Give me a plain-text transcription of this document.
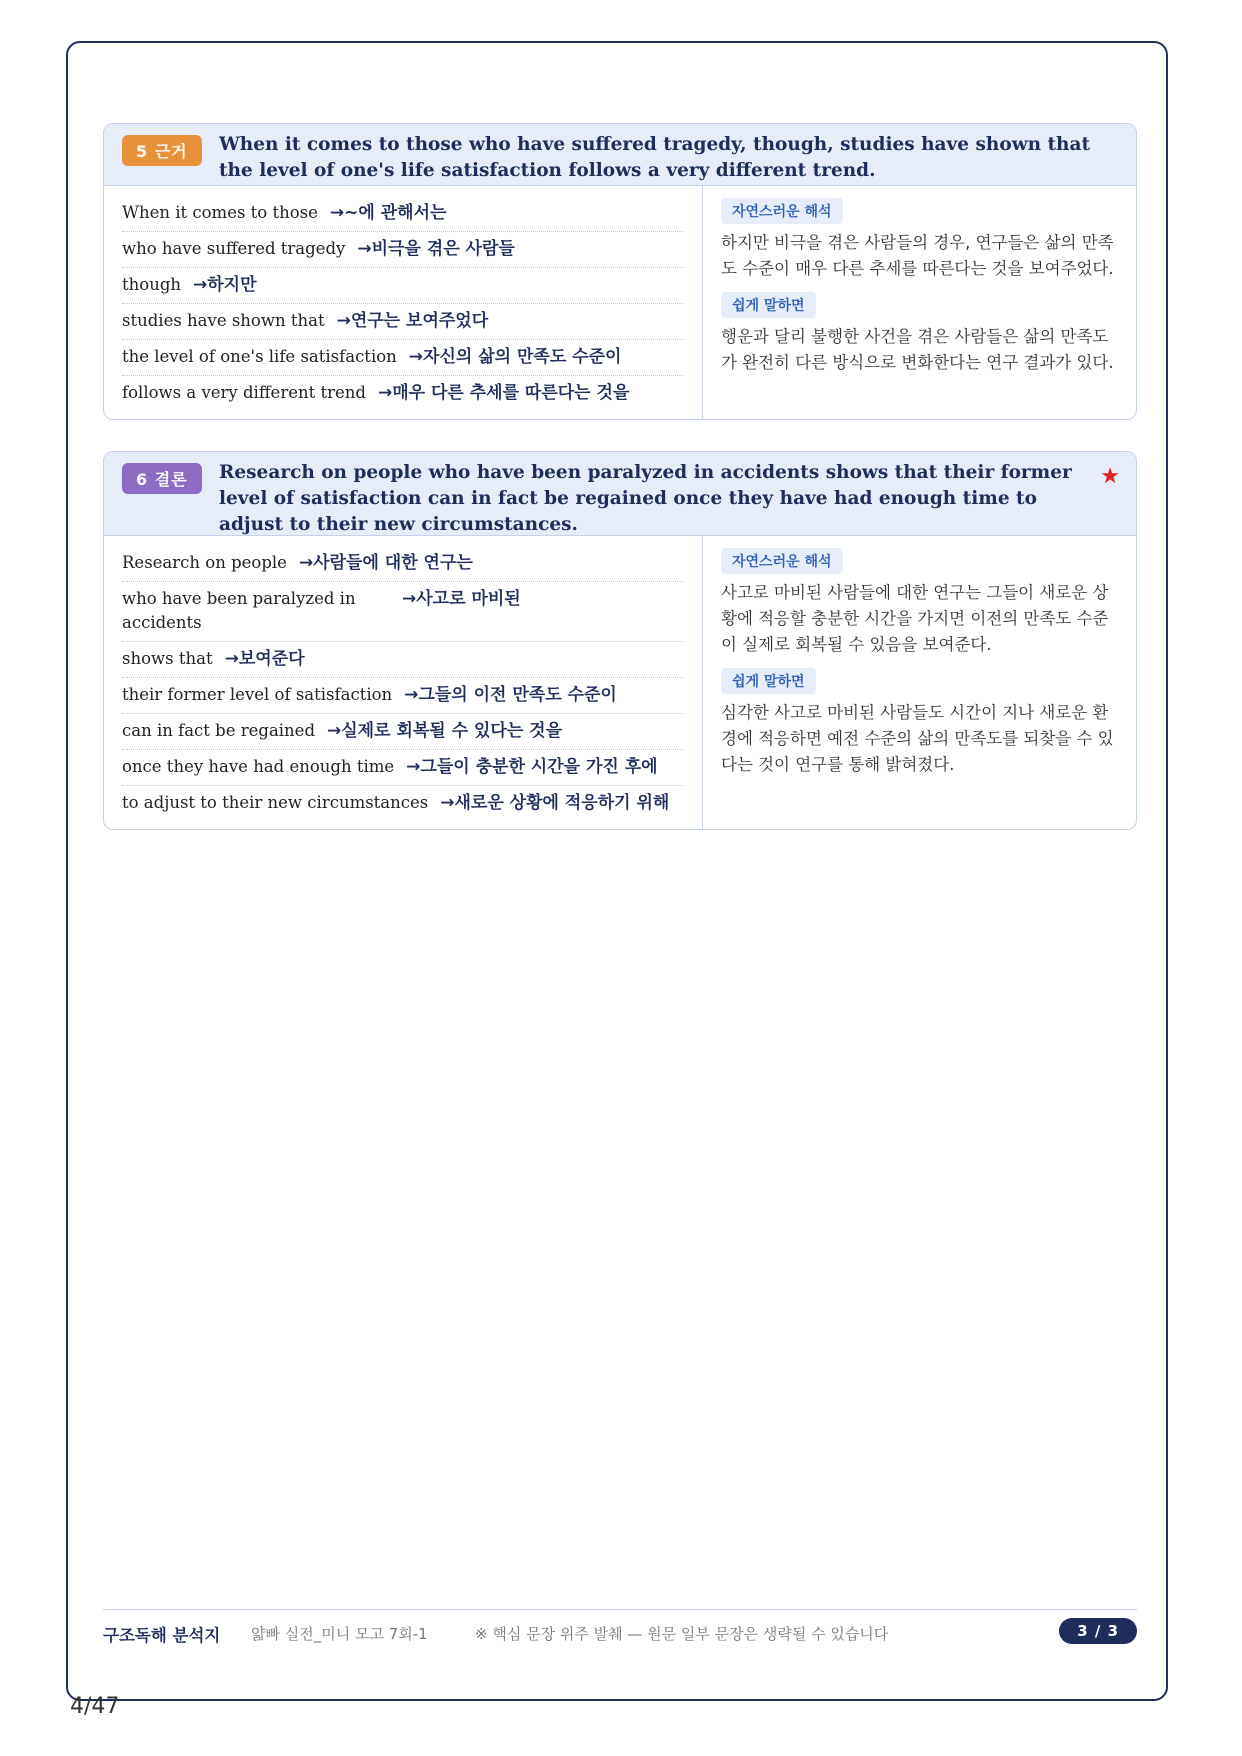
5 근거	When it comes to those who have suffered tragedy, though, studies have shown that the level of one's life satisfaction follows a very different trend.
When it comes to those →~에 관해서는
who have suffered tragedy →비극을 겪은 사람들
though →하지만
studies have shown that →연구는 보여주었다
the level of one's life satisfaction →자신의 삶의 만족도 수준이
follows a very different trend →매우 다른 추세를 따른다는 것을
자연스러운 해석

하지만 비극을 겪은 사람들의 경우, 연구들은 삶의 만족도 수준이 매우 다른 추세를 따른다는 것을 보여주었다.

쉽게 말하면

행운과 달리 불행한 사건을 겪은 사람들은 삶의 만족도가 완전히 다른 방식으로 변화한다는 연구 결과가 있다.

6 결론	Research on people who have been paralyzed in accidents shows that their former level of satisfaction can in fact be regained once they have had enough time to adjust to their new circumstances.
★
Research on people →사람들에 대한 연구는
who have been paralyzed in accidents
→사고로 마비된
shows that →보여준다
their former level of satisfaction →그들의 이전 만족도 수준이
can in fact be regained →실제로 회복될 수 있다는 것을
once they have had enough time →그들이 충분한 시간을 가진 후에
to adjust to their new circumstances →새로운 상황에 적응하기 위해
자연스러운 해석

사고로 마비된 사람들에 대한 연구는 그들이 새로운 상황에 적응할 충분한 시간을 가지면 이전의 만족도 수준이 실제로 회복될 수 있음을 보여준다.

쉽게 말하면

심각한 사고로 마비된 사람들도 시간이 지나 새로운 환경에 적응하면 예전 수준의 삶의 만족도를 되찾을 수 있다는 것이 연구를 통해 밝혀졌다.

구조독해 분석지 얇빠 실전_미니 모고 7회-1	※ 핵심 문장 위주 발췌 — 원문 일부 문장은 생략될 수 있습니다	3 / 3
4/47
